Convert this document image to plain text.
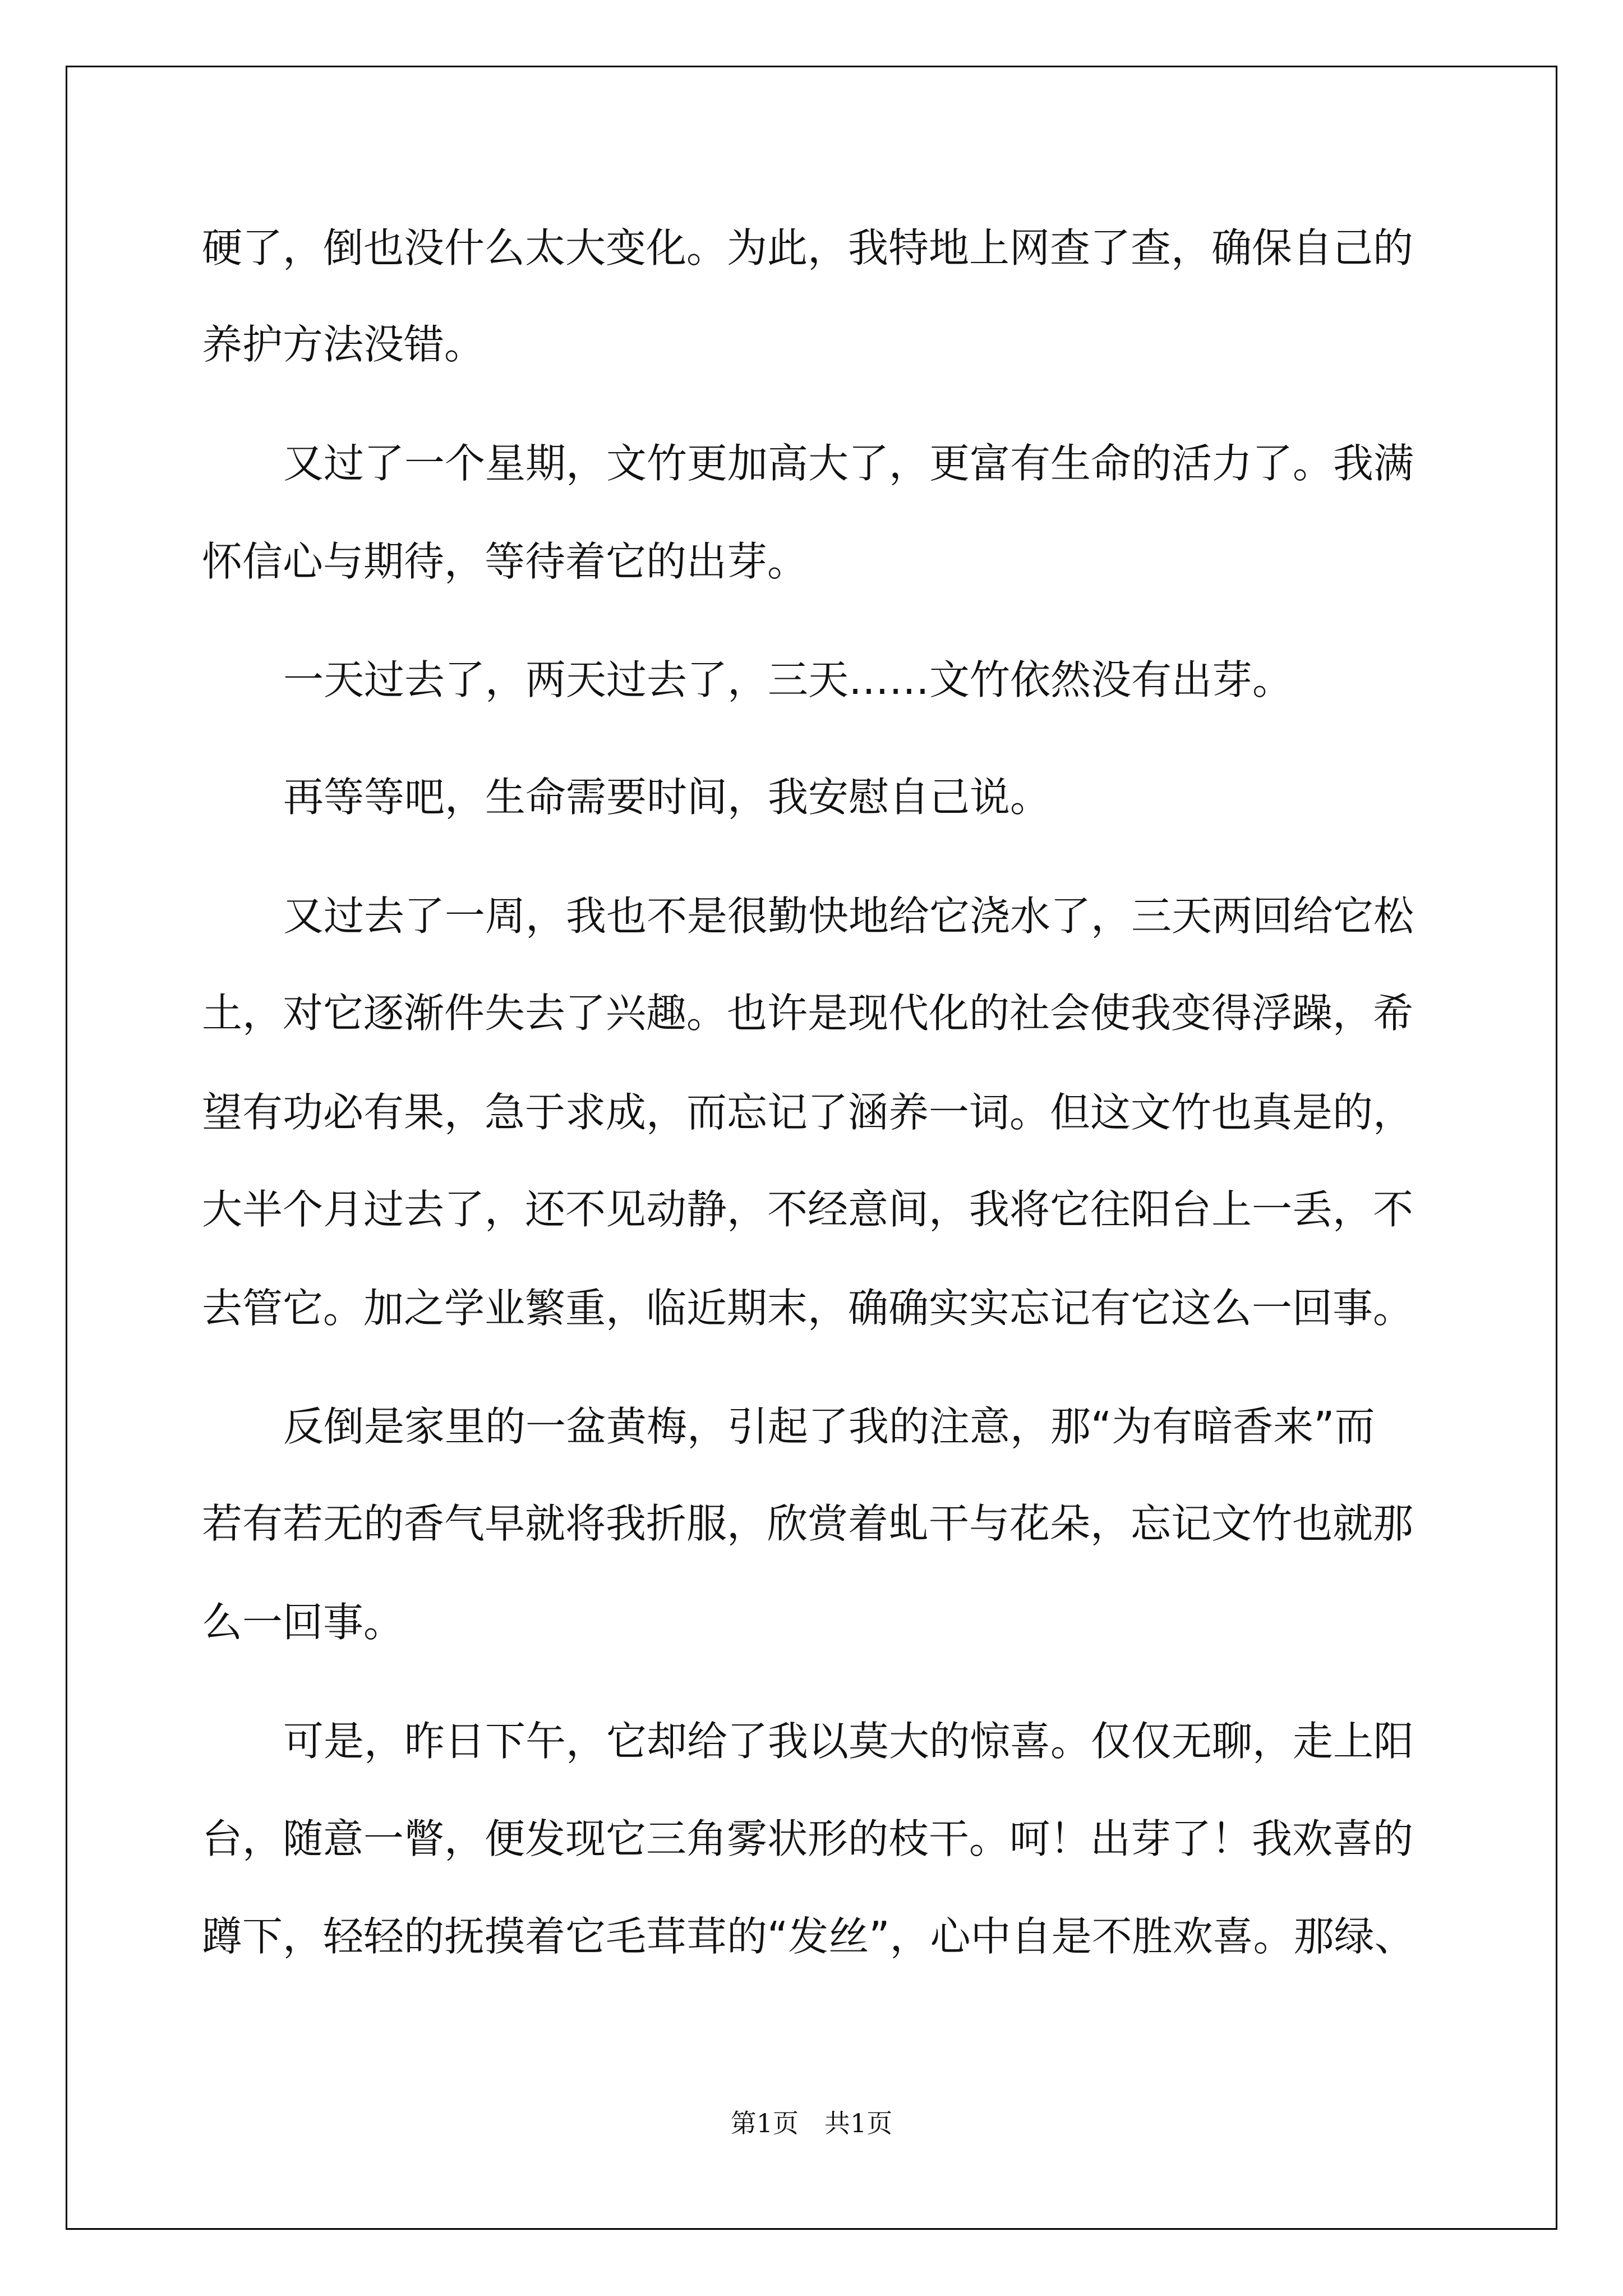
硬了，倒也没什么太大变化。为此，我特地上网查了查，确保自己的
养护方法没错。
又过了一个星期，文竹更加高大了，更富有生命的活力了。我满
怀信心与期待，等待着它的出芽。
一天过去了，两天过去了，三天……文竹依然没有出芽。
再等等吧，生命需要时间，我安慰自己说。
又过去了一周，我也不是很勤快地给它浇水了，三天两回给它松
土，对它逐渐件失去了兴趣。也许是现代化的社会使我变得浮躁，希
望有功必有果，急于求成，而忘记了涵养一词。但这文竹也真是的，
大半个月过去了，还不见动静，不经意间，我将它往阳台上一丢，不
去管它。加之学业繁重，临近期末，确确实实忘记有它这么一回事。
反倒是家里的一盆黄梅，引起了我的注意，那“为有暗香来”而
若有若无的香气早就将我折服，欣赏着虬干与花朵，忘记文竹也就那
么一回事。
可是，昨日下午，它却给了我以莫大的惊喜。仅仅无聊，走上阳
台，随意一瞥，便发现它三角雾状形的枝干。呵！出芽了！我欢喜的
蹲下，轻轻的抚摸着它毛茸茸的“发丝”，心中自是不胜欢喜。那绿、
第1页　共1页
